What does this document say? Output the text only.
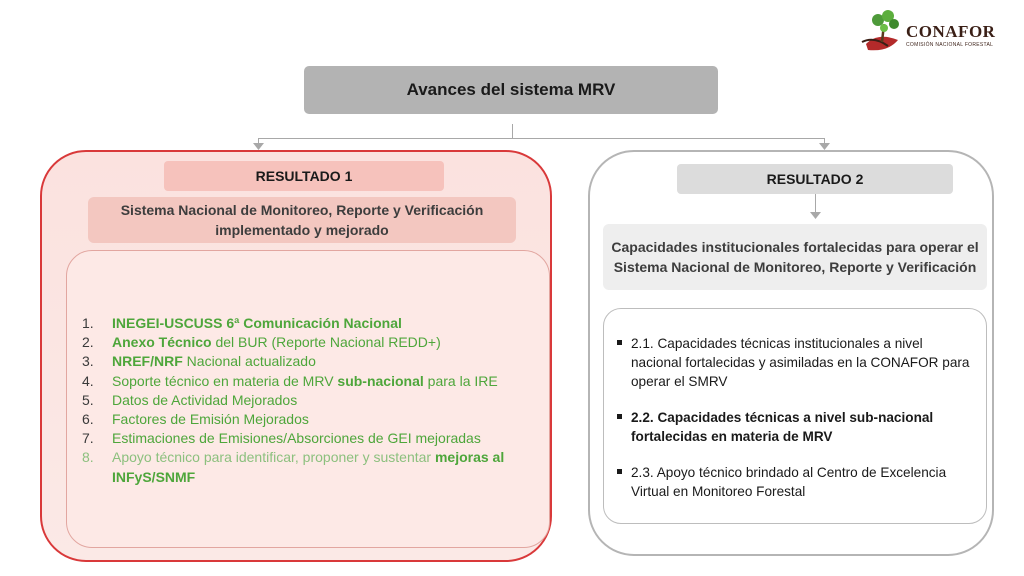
CONAFOR
COMISIÓN NACIONAL FORESTAL
Avances del sistema MRV
RESULTADO 1
Sistema Nacional de Monitoreo, Reporte y Verificación implementado y mejorado
1. INEGEI-USCUSS 6ª Comunicación Nacional
2. Anexo Técnico del BUR (Reporte Nacional REDD+)
3. NREF/NRF Nacional actualizado
4. Soporte técnico en materia de MRV sub-nacional para la IRE
5. Datos de Actividad Mejorados
6. Factores de Emisión Mejorados
7. Estimaciones de Emisiones/Absorciones de GEI mejoradas
8. Apoyo técnico para identificar, proponer y sustentar mejoras al INFyS/SNMF
RESULTADO 2
Capacidades institucionales fortalecidas para operar el Sistema Nacional de Monitoreo, Reporte y Verificación
2.1. Capacidades técnicas institucionales a nivel nacional fortalecidas y asimiladas en la CONAFOR para operar el SMRV
2.2. Capacidades técnicas a nivel sub-nacional fortalecidas en materia de MRV
2.3. Apoyo técnico brindado al Centro de Excelencia Virtual en Monitoreo Forestal
